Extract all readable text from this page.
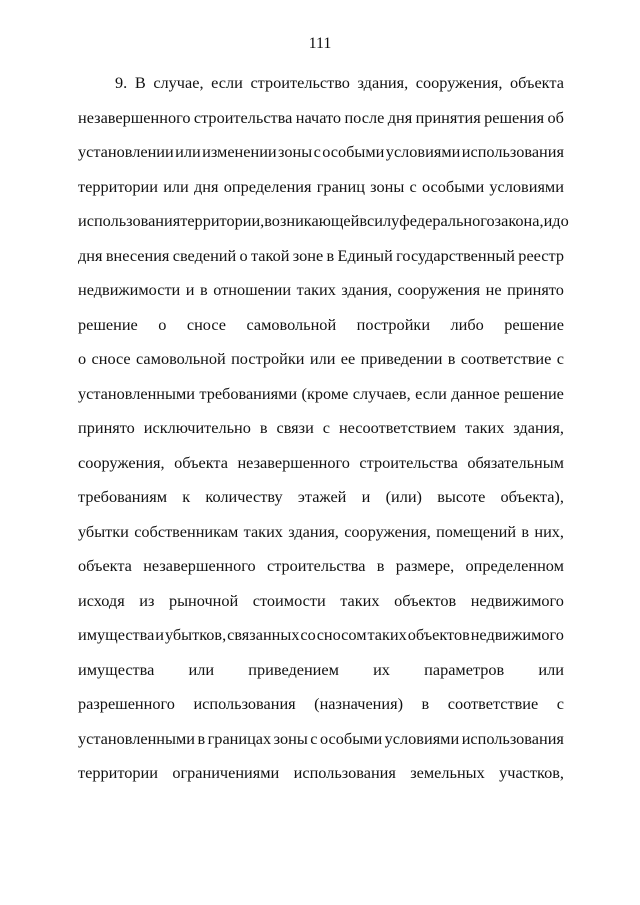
111
9. В случае, если строительство здания, сооружения, объекта
незавершенного строительства начато после дня принятия решения об
установлении или изменении зоны с особыми условиями использования
территории или дня определения границ зоны с особыми условиями
использования территории, возникающей в силу федерального закона, и до
дня внесения сведений о такой зоне в Единый государственный реестр
недвижимости и в отношении таких здания, сооружения не принято
решение о сносе самовольной постройки либо решение
о сносе самовольной постройки или ее приведении в соответствие с
установленными требованиями (кроме случаев, если данное решение
принято исключительно в связи с несоответствием таких здания,
сооружения, объекта незавершенного строительства обязательным
требованиям к количеству этажей и (или) высоте объекта),
убытки собственникам таких здания, сооружения, помещений в них,
объекта незавершенного строительства в размере, определенном
исходя из рыночной стоимости таких объектов недвижимого
имущества и убытков, связанных со сносом таких объектов недвижимого
имущества или приведением их параметров или
разрешенного использования (назначения) в соответствие с
установленными в границах зоны с особыми условиями использования
территории ограничениями использования земельных участков,
